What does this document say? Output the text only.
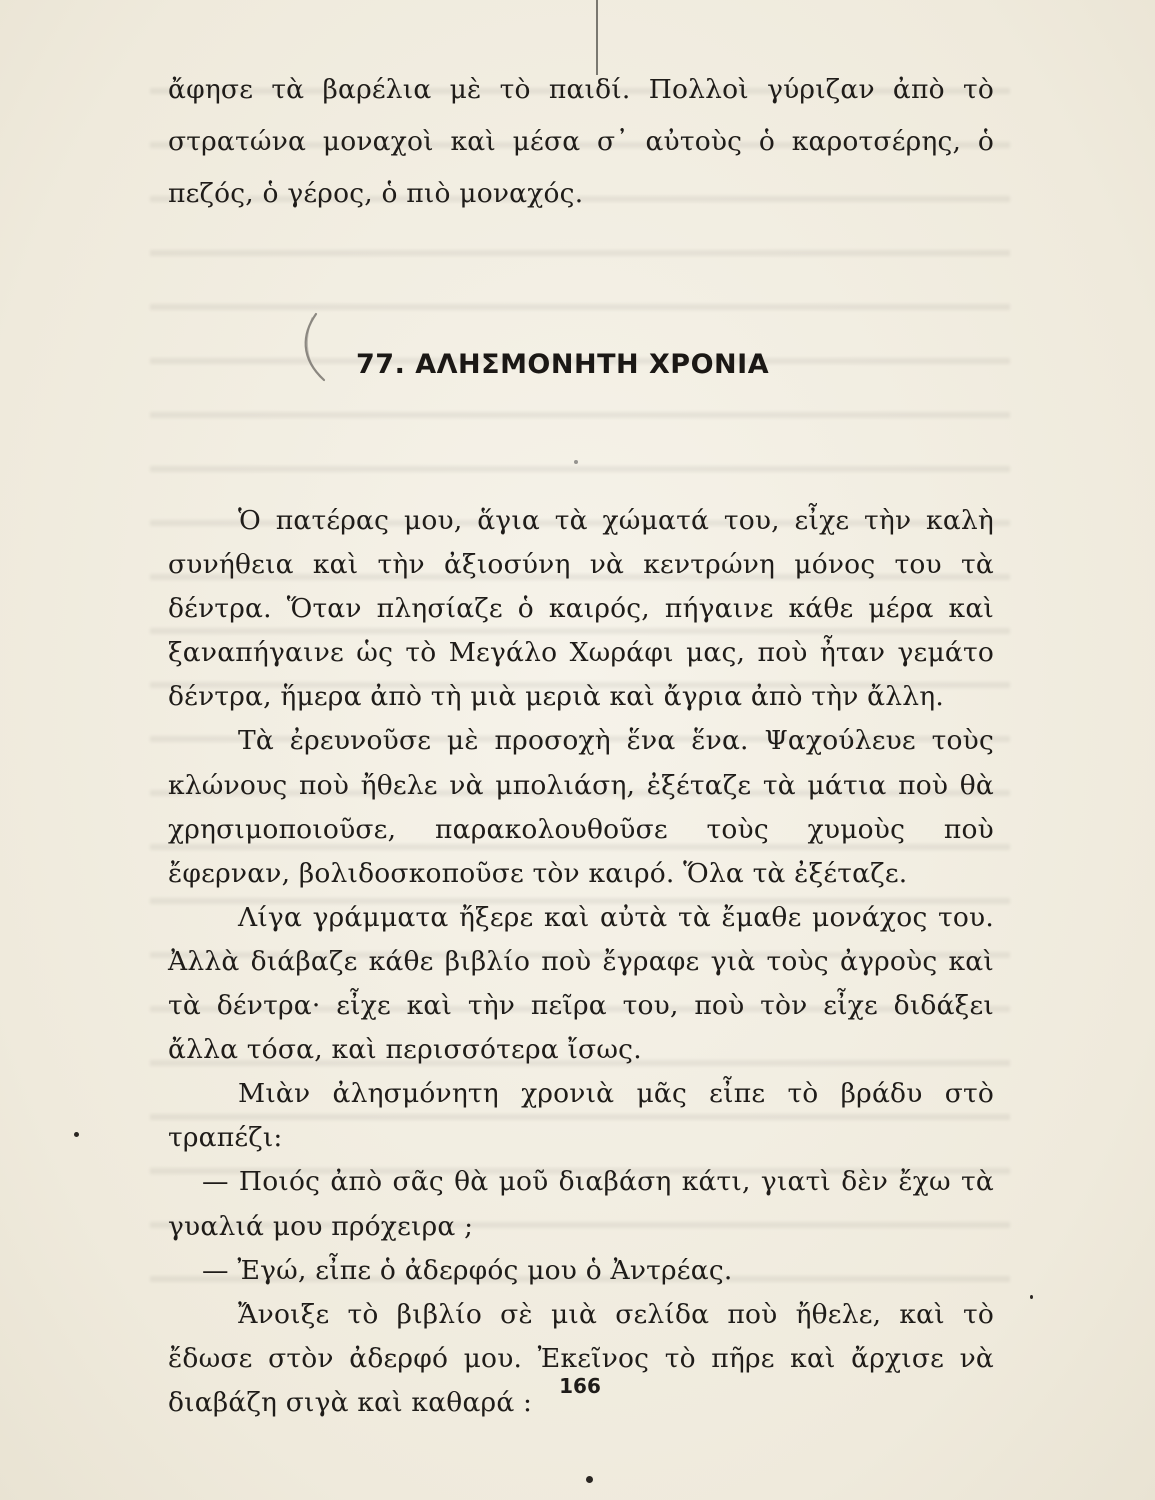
ἄφησε τὰ βαρέλια μὲ τὸ παιδί. Πολλοὶ γύριζαν ἀπὸ τὸ στρατώνα μοναχοὶ καὶ μέσα σ᾿ αὐτοὺς ὁ καροτσέρης, ὁ πεζός, ὁ γέρος, ὁ πιὸ μοναχός.

77. ΑΛΗΣΜΟΝΗΤΗ ΧΡΟΝΙΑ

Ὁ πατέρας μου, ἅγια τὰ χώματά του, εἶχε τὴν καλὴ συνήθεια καὶ τὴν ἀξιοσύνη νὰ κεντρώνη μόνος του τὰ δέντρα. Ὅταν πλησίαζε ὁ καιρός, πήγαινε κάθε μέρα καὶ ξαναπήγαινε ὡς τὸ Μεγάλο Χωράφι μας, ποὺ ἦταν γεμάτο δέντρα, ἥμερα ἀπὸ τὴ μιὰ μεριὰ καὶ ἄγρια ἀπὸ τὴν ἄλλη.

Τὰ ἐρευνοῦσε μὲ προσοχὴ ἕνα ἕνα. Ψαχούλευε τοὺς κλώνους ποὺ ἤθελε νὰ μπολιάση, ἐξέταζε τὰ μάτια ποὺ θὰ χρησιμοποιοῦσε, παρακολουθοῦσε τοὺς χυμοὺς ποὺ ἔφερναν, βολιδοσκοποῦσε τὸν καιρό. Ὅλα τὰ ἐξέταζε.

Λίγα γράμματα ἤξερε καὶ αὐτὰ τὰ ἔμαθε μονάχος του. Ἀλλὰ διάβαζε κάθε βιβλίο ποὺ ἔγραφε γιὰ τοὺς ἀγροὺς καὶ τὰ δέντρα· εἶχε καὶ τὴν πεῖρα του, ποὺ τὸν εἶχε διδάξει ἄλλα τόσα, καὶ περισσότερα ἴσως.

Μιὰν ἀλησμόνητη χρονιὰ μᾶς εἶπε τὸ βράδυ στὸ τραπέζι:

— Ποιός ἀπὸ σᾶς θὰ μοῦ διαβάση κάτι, γιατὶ δὲν ἔχω τὰ γυαλιά μου πρόχειρα ;

— Ἐγώ, εἶπε ὁ ἀδερφός μου ὁ Ἀντρέας.

Ἄνοιξε τὸ βιβλίο σὲ μιὰ σελίδα ποὺ ἤθελε, καὶ τὸ ἔδωσε στὸν ἀδερφό μου. Ἐκεῖνος τὸ πῆρε καὶ ἄρχισε νὰ διαβάζη σιγὰ καὶ καθαρά :

166
